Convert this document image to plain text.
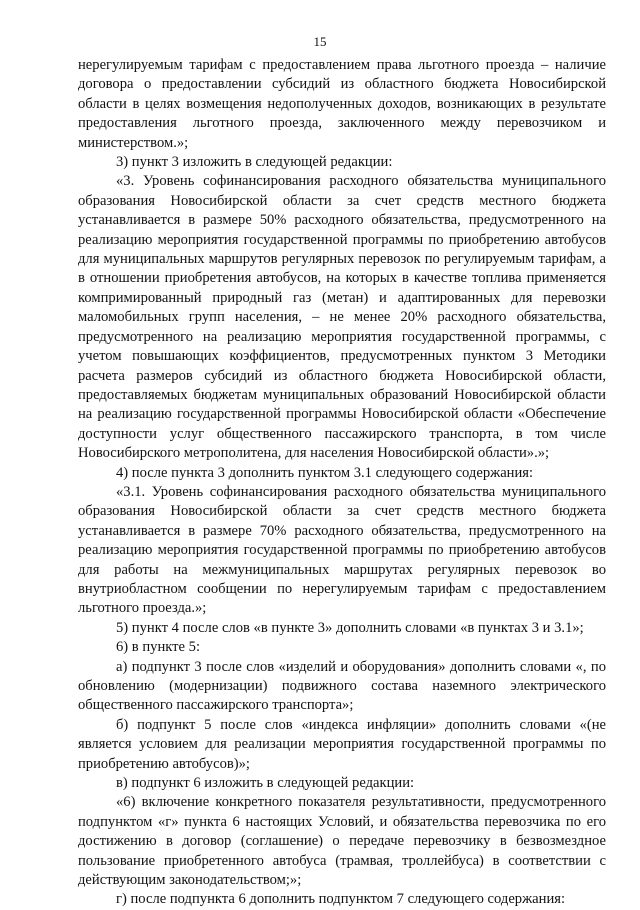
15

нерегулируемым тарифам с предоставлением права льготного проезда – наличие договора о предоставлении субсидий из областного бюджета Новосибирской области в целях возмещения недополученных доходов, возникающих в результате предоставления льготного проезда, заключенного между перевозчиком и министерством.»;

3) пункт 3 изложить в следующей редакции:

«3. Уровень софинансирования расходного обязательства муниципального образования Новосибирской области за счет средств местного бюджета устанавливается в размере 50% расходного обязательства, предусмотренного на реализацию мероприятия государственной программы по приобретению автобусов для муниципальных маршрутов регулярных перевозок по регулируемым тарифам, а в отношении приобретения автобусов, на которых в качестве топлива применяется компримированный природный газ (метан) и адаптированных для перевозки маломобильных групп населения, – не менее 20% расходного обязательства, предусмотренного на реализацию мероприятия государственной программы, с учетом повышающих коэффициентов, предусмотренных пунктом 3 Методики расчета размеров субсидий из областного бюджета Новосибирской области, предоставляемых бюджетам муниципальных образований Новосибирской области на реализацию государственной программы Новосибирской области «Обеспечение доступности услуг общественного пассажирского транспорта, в том числе Новосибирского метрополитена, для населения Новосибирской области».»;

4) после пункта 3 дополнить пунктом 3.1 следующего содержания:

«3.1. Уровень софинансирования расходного обязательства муниципального образования Новосибирской области за счет средств местного бюджета устанавливается в размере 70% расходного обязательства, предусмотренного на реализацию мероприятия государственной программы по приобретению автобусов для работы на межмуниципальных маршрутах регулярных перевозок во внутриобластном сообщении по нерегулируемым тарифам с предоставлением льготного проезда.»;

5) пункт 4 после слов «в пункте 3» дополнить словами «в пунктах 3 и 3.1»;

6) в пункте 5:

а) подпункт 3 после слов «изделий и оборудования» дополнить словами «, по обновлению (модернизации) подвижного состава наземного электрического общественного пассажирского транспорта»;

б) подпункт 5 после слов «индекса инфляции» дополнить словами «(не является условием для реализации мероприятия государственной программы по приобретению автобусов)»;

в) подпункт 6 изложить в следующей редакции:

«6) включение конкретного показателя результативности, предусмотренного подпунктом «г» пункта 6 настоящих Условий, и обязательства перевозчика по его достижению в договор (соглашение) о передаче перевозчику в безвозмездное пользование приобретенного автобуса (трамвая, троллейбуса) в соответствии с действующим законодательством;»;

г) после подпункта 6 дополнить подпунктом 7 следующего содержания:
